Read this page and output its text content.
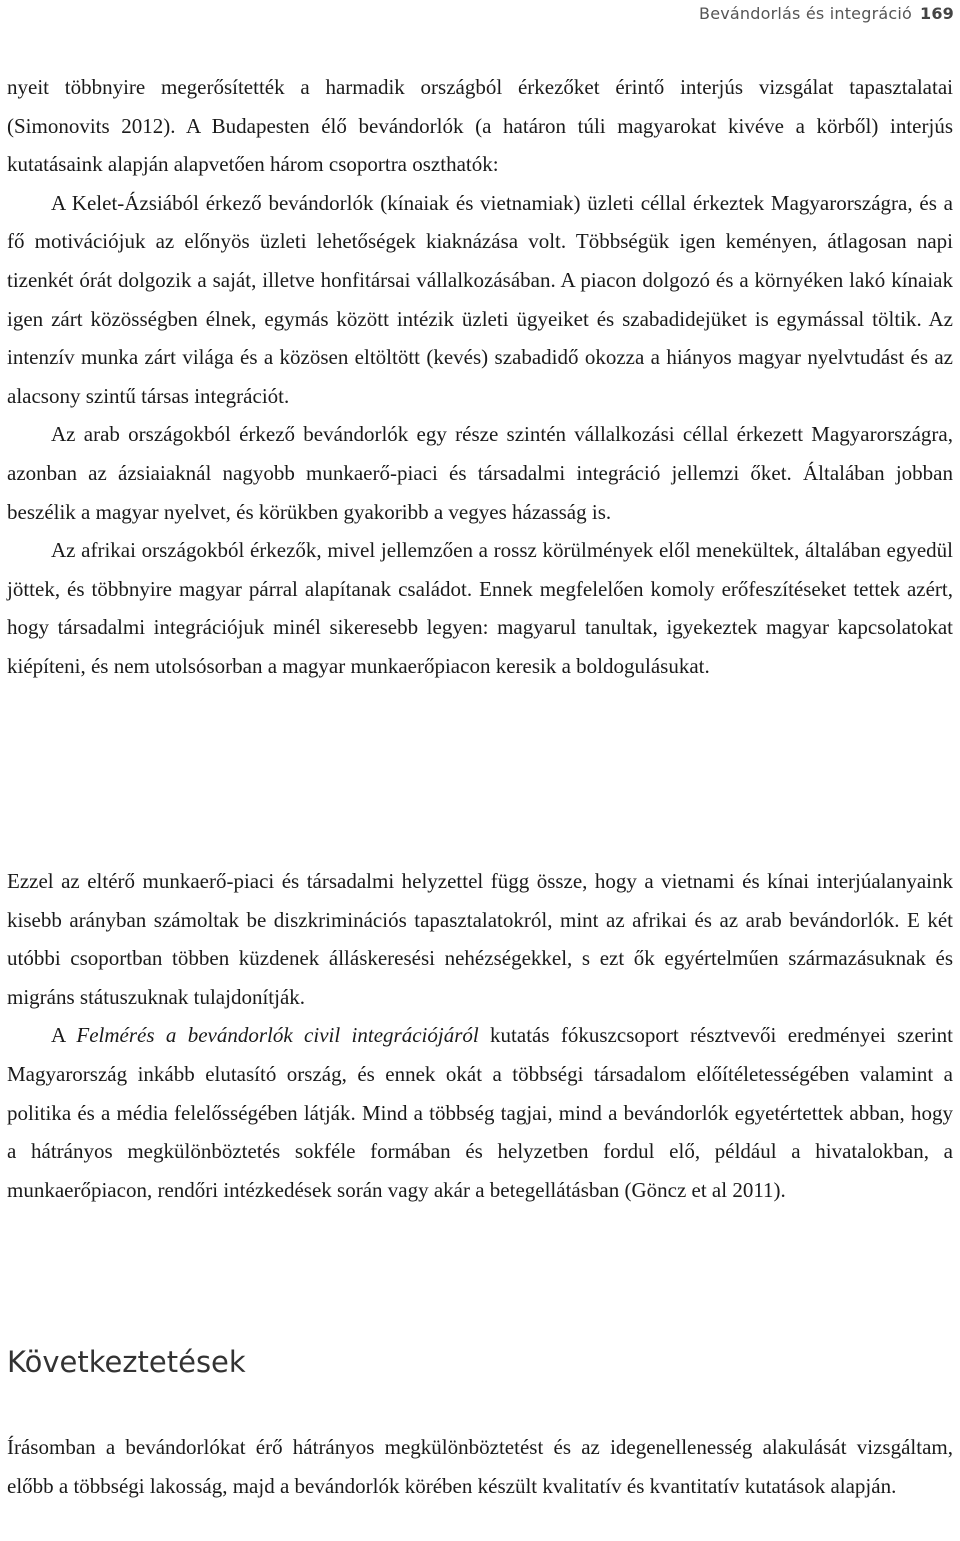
Bevándorlás és integráció 169

nyeit többnyire megerősítették a harmadik országból érkezőket érintő interjús vizsgálat tapasztalatai (Simonovits 2012). A Budapesten élő bevándorlók (a határon túli magyarokat kivéve a körből) interjús kutatásaink alapján alapvetően három csoportra oszthatók:

A Kelet-Ázsiából érkező bevándorlók (kínaiak és vietnamiak) üzleti céllal érkeztek Magyarországra, és a fő motivációjuk az előnyös üzleti lehetőségek kiaknázása volt. Többségük igen keményen, átlagosan napi tizenkét órát dolgozik a saját, illetve honfitársai vállalkozásában. A piacon dolgozó és a környéken lakó kínaiak igen zárt közösségben élnek, egymás között intézik üzleti ügyeiket és szabadidejüket is egymással töltik. Az intenzív munka zárt világa és a közösen eltöltött (kevés) szabadidő okozza a hiányos magyar nyelvtudást és az alacsony szintű társas integrációt.

Az arab országokból érkező bevándorlók egy része szintén vállalkozási céllal érkezett Magyarországra, azonban az ázsiaiaknál nagyobb munkaerő-piaci és társadalmi integráció jellemzi őket. Általában jobban beszélik a magyar nyelvet, és körükben gyakoribb a vegyes házasság is.

Az afrikai országokból érkezők, mivel jellemzően a rossz körülmények elől menekültek, általában egyedül jöttek, és többnyire magyar párral alapítanak családot. Ennek megfelelően komoly erőfeszítéseket tettek azért, hogy társadalmi integrációjuk minél sikeresebb legyen: magyarul tanultak, igyekeztek magyar kapcsolatokat kiépíteni, és nem utolsósorban a magyar munkaerőpiacon keresik a boldogulásukat.

Ezzel az eltérő munkaerő-piaci és társadalmi helyzettel függ össze, hogy a vietnami és kínai interjúalanyaink kisebb arányban számoltak be diszkriminációs tapasztalatokról, mint az afrikai és az arab bevándorlók. E két utóbbi csoportban többen küzdenek álláskeresési nehézségekkel, s ezt ők egyértelműen származásuknak és migráns státuszuknak tulajdonítják.

A Felmérés a bevándorlók civil integrációjáról kutatás fókuszcsoport résztvevői eredményei szerint Magyarország inkább elutasító ország, és ennek okát a többségi társadalom előítéletességében valamint a politika és a média felelősségében látják. Mind a többség tagjai, mind a bevándorlók egyetértettek abban, hogy a hátrányos megkülönböztetés sokféle formában és helyzetben fordul elő, például a hivatalokban, a munkaerőpiacon, rendőri intézkedések során vagy akár a betegellátásban (Göncz et al 2011).

Következtetések

Írásomban a bevándorlókat érő hátrányos megkülönböztetést és az idegenellenesség alakulását vizsgáltam, előbb a többségi lakosság, majd a bevándorlók körében készült kvalitatív és kvantitatív kutatások alapján.
